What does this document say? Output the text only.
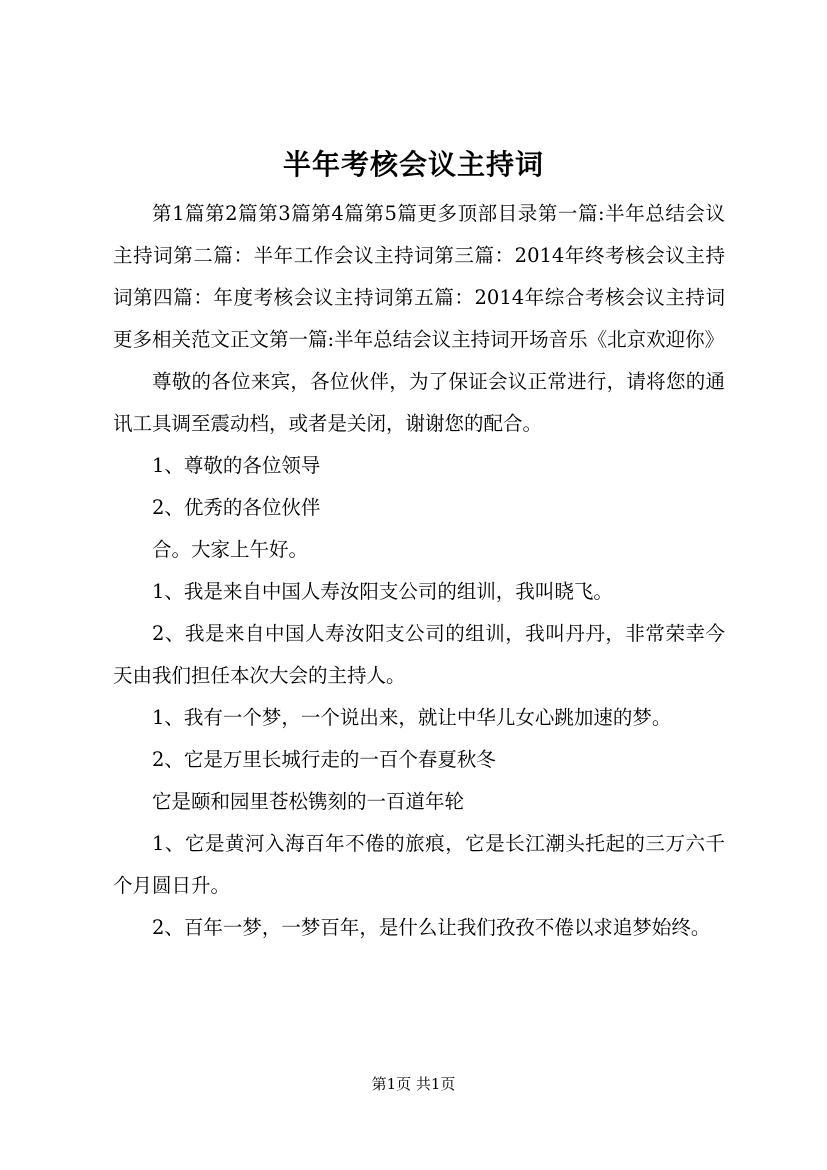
半年考核会议主持词

第1篇第2篇第3篇第4篇第5篇更多顶部目录第一篇:半年总结会议主持词第二篇：半年工作会议主持词第三篇：2014年终考核会议主持词第四篇：年度考核会议主持词第五篇：2014年综合考核会议主持词更多相关范文正文第一篇:半年总结会议主持词开场音乐《北京欢迎你》

尊敬的各位来宾，各位伙伴，为了保证会议正常进行，请将您的通讯工具调至震动档，或者是关闭，谢谢您的配合。

1、尊敬的各位领导

2、优秀的各位伙伴

合。大家上午好。

1、我是来自中国人寿汝阳支公司的组训，我叫晓飞。

2、我是来自中国人寿汝阳支公司的组训，我叫丹丹，非常荣幸今天由我们担任本次大会的主持人。

1、我有一个梦，一个说出来，就让中华儿女心跳加速的梦。

2、它是万里长城行走的一百个春夏秋冬

它是颐和园里苍松镌刻的一百道年轮

1、它是黄河入海百年不倦的旅痕，它是长江潮头托起的三万六千个月圆日升。

2、百年一梦，一梦百年，是什么让我们孜孜不倦以求追梦始终。

第1页 共1页
